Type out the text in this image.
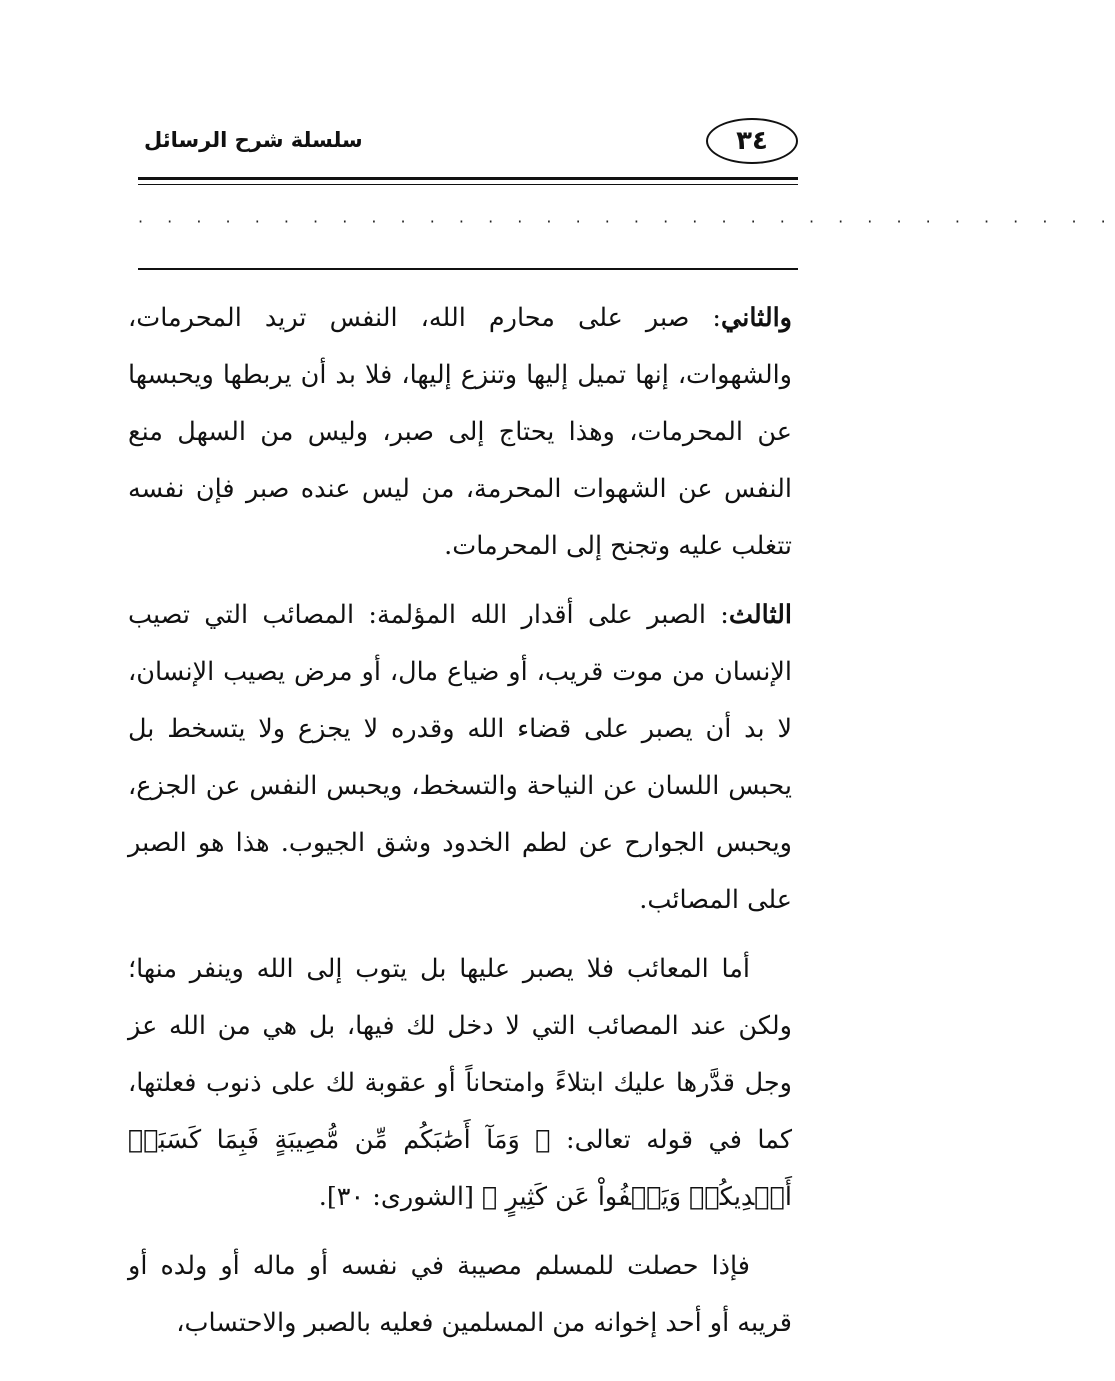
٣٤
سلسلة شرح الرسائل
· · · · · · · · · · · · · · · · · · · · · · · · · · · · · · · · · ·

والثاني: صبر على محارم الله، النفس تريد المحرمات، والشهوات، إنها تميل إليها وتنزع إليها، فلا بد أن يربطها ويحبسها عن المحرمات، وهذا يحتاج إلى صبر، وليس من السهل منع النفس عن الشهوات المحرمة، من ليس عنده صبر فإن نفسه تتغلب عليه وتجنح إلى المحرمات.

الثالث: الصبر على أقدار الله المؤلمة: المصائب التي تصيب الإنسان من موت قريب، أو ضياع مال، أو مرض يصيب الإنسان، لا بد أن يصبر على قضاء الله وقدره لا يجزع ولا يتسخط بل يحبس اللسان عن النياحة والتسخط، ويحبس النفس عن الجزع، ويحبس الجوارح عن لطم الخدود وشق الجيوب. هذا هو الصبر على المصائب.

أما المعائب فلا يصبر عليها بل يتوب إلى الله وينفر منها؛ ولكن عند المصائب التي لا دخل لك فيها، بل هي من الله عز وجل قدَّرها عليك ابتلاءً وامتحاناً أو عقوبة لك على ذنوب فعلتها، كما في قوله تعالى: ﴿ وَمَآ أَصَٰبَكُم مِّن مُّصِيبَةٍ فَبِمَا كَسَبَتۡ أَيۡدِيكُمۡ وَيَعۡفُواْ عَن كَثِيرٍ ﴾ [الشورى: ٣٠].

فإذا حصلت للمسلم مصيبة في نفسه أو ماله أو ولده أو قريبه أو أحد إخوانه من المسلمين فعليه بالصبر والاحتساب،
